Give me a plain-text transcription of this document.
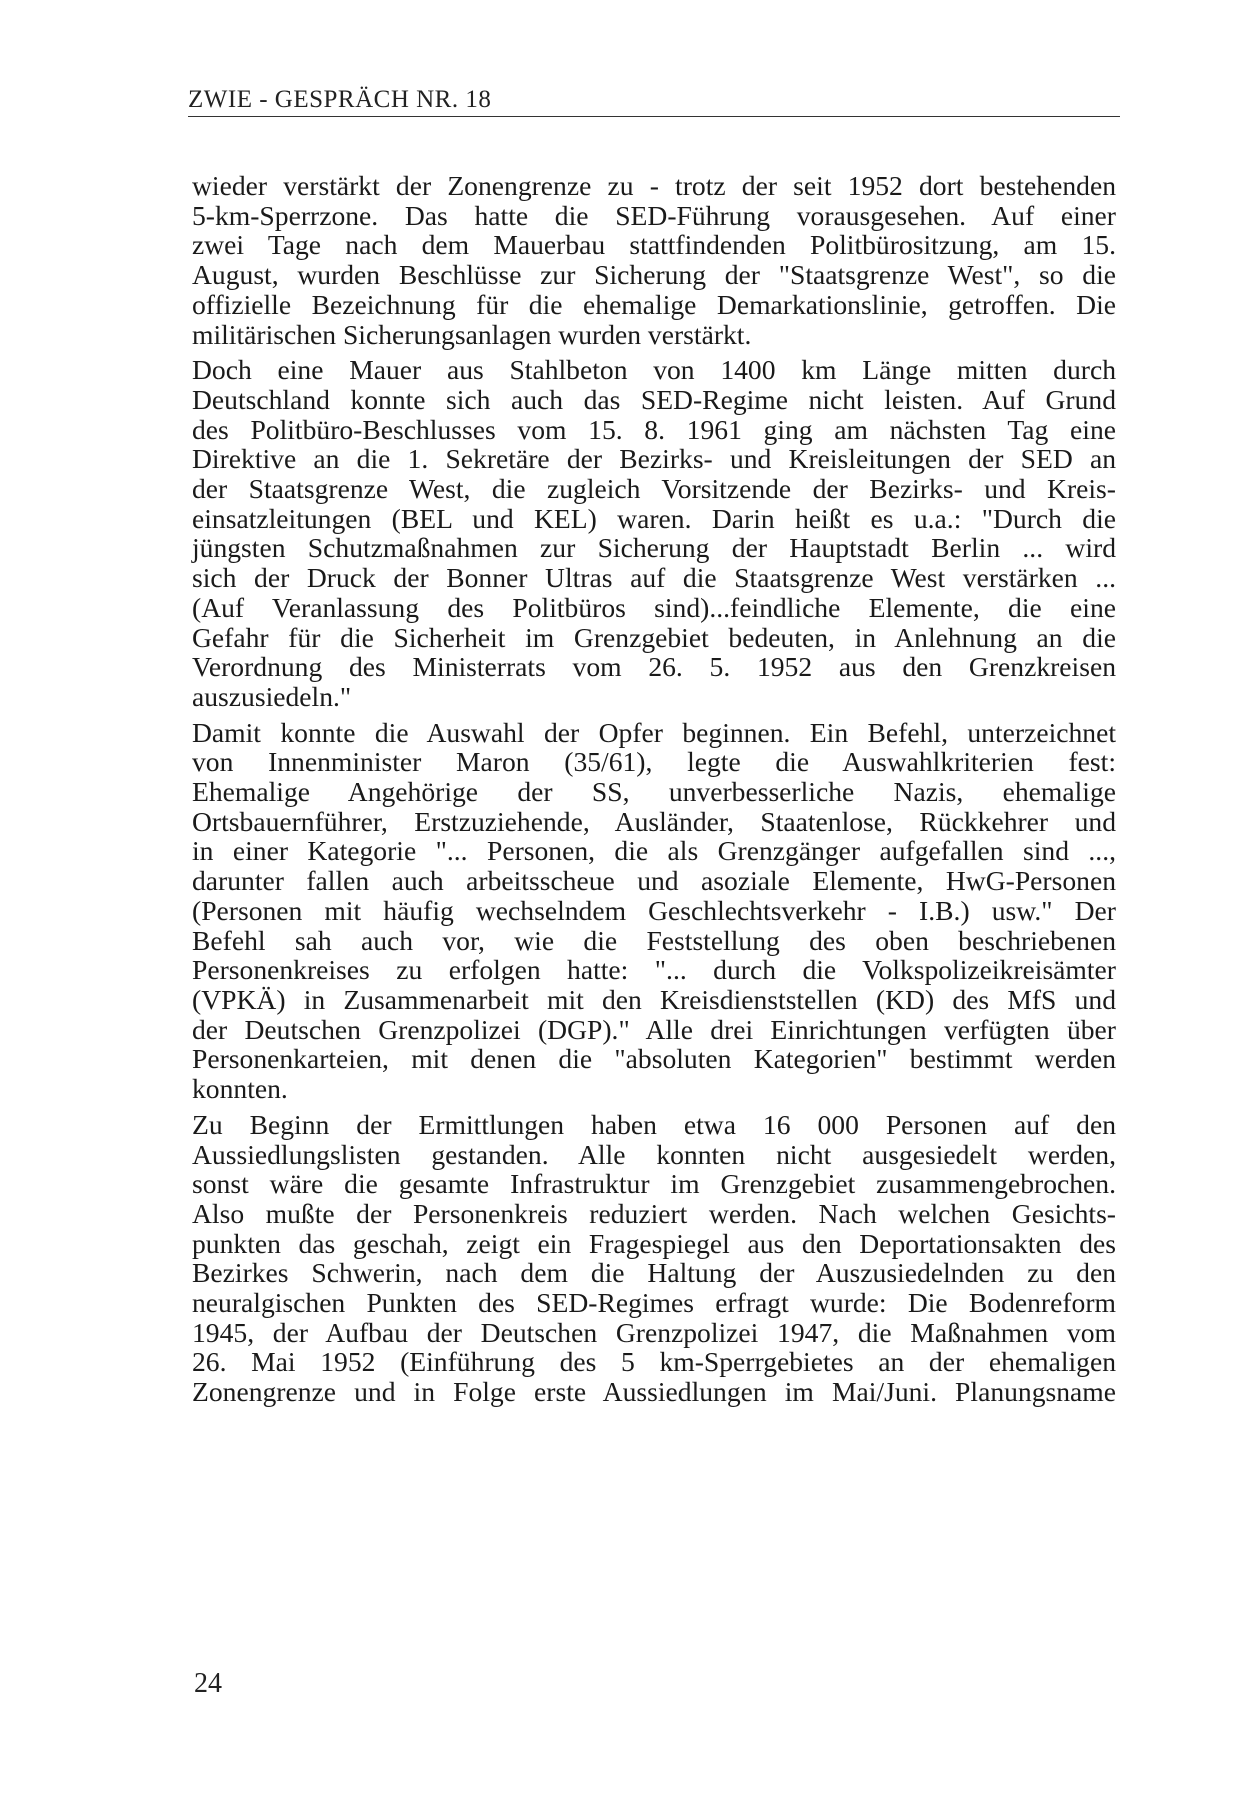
ZWIE - GESPRÄCH NR. 18

wieder verstärkt der Zonengrenze zu - trotz der seit 1952 dort bestehenden
5-km-Sperrzone. Das hatte die SED-Führung vorausgesehen. Auf einer
zwei Tage nach dem Mauerbau stattfindenden Politbürositzung, am 15.
August, wurden Beschlüsse zur Sicherung der "Staatsgrenze West", so die
offizielle Bezeichnung für die ehemalige Demarkationslinie, getroffen. Die
militärischen Sicherungsanlagen wurden verstärkt.

Doch eine Mauer aus Stahlbeton von 1400 km Länge mitten durch
Deutschland konnte sich auch das SED-Regime nicht leisten. Auf Grund
des Politbüro-Beschlusses vom 15. 8. 1961 ging am nächsten Tag eine
Direktive an die 1. Sekretäre der Bezirks- und Kreisleitungen der SED an
der Staatsgrenze West, die zugleich Vorsitzende der Bezirks- und Kreis-
einsatzleitungen (BEL und KEL) waren. Darin heißt es u.a.: "Durch die
jüngsten Schutzmaßnahmen zur Sicherung der Hauptstadt Berlin ... wird
sich der Druck der Bonner Ultras auf die Staatsgrenze West verstärken ...
(Auf Veranlassung des Politbüros sind)...feindliche Elemente, die eine
Gefahr für die Sicherheit im Grenzgebiet bedeuten, in Anlehnung an die
Verordnung des Ministerrats vom 26. 5. 1952 aus den Grenzkreisen
auszusiedeln."

Damit konnte die Auswahl der Opfer beginnen. Ein Befehl, unterzeichnet
von Innenminister Maron (35/61), legte die Auswahlkriterien fest:
Ehemalige Angehörige der SS, unverbesserliche Nazis, ehemalige
Ortsbauernführer, Erstzuziehende, Ausländer, Staatenlose, Rückkehrer und
in einer Kategorie "... Personen, die als Grenzgänger aufgefallen sind ...,
darunter fallen auch arbeitsscheue und asoziale Elemente, HwG-Personen
(Personen mit häufig wechselndem Geschlechtsverkehr - I.B.) usw." Der
Befehl sah auch vor, wie die Feststellung des oben beschriebenen
Personenkreises zu erfolgen hatte: "... durch die Volkspolizeikreisämter
(VPKÄ) in Zusammenarbeit mit den Kreisdienststellen (KD) des MfS und
der Deutschen Grenzpolizei (DGP)." Alle drei Einrichtungen verfügten über
Personenkarteien, mit denen die "absoluten Kategorien" bestimmt werden
konnten.

Zu Beginn der Ermittlungen haben etwa 16 000 Personen auf den
Aussiedlungslisten gestanden. Alle konnten nicht ausgesiedelt werden,
sonst wäre die gesamte Infrastruktur im Grenzgebiet zusammengebrochen.
Also mußte der Personenkreis reduziert werden. Nach welchen Gesichts-
punkten das geschah, zeigt ein Fragespiegel aus den Deportationsakten des
Bezirkes Schwerin, nach dem die Haltung der Auszusiedelnden zu den
neuralgischen Punkten des SED-Regimes erfragt wurde: Die Bodenreform
1945, der Aufbau der Deutschen Grenzpolizei 1947, die Maßnahmen vom
26. Mai 1952 (Einführung des 5 km-Sperrgebietes an der ehemaligen
Zonengrenze und in Folge erste Aussiedlungen im Mai/Juni. Planungsname

24
